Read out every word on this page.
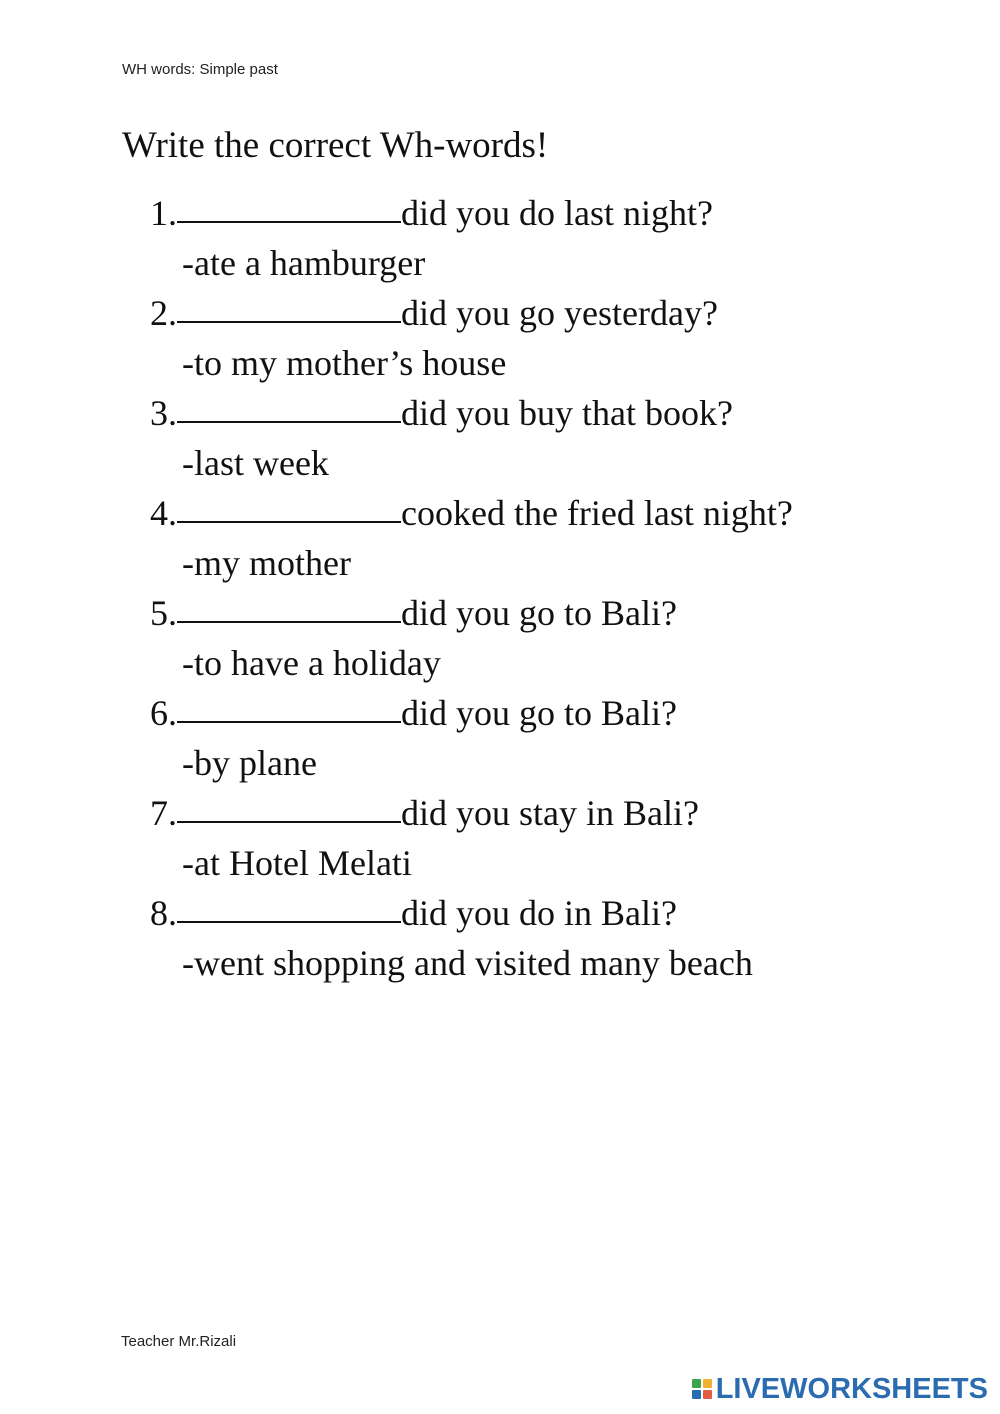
WH words: Simple past
Write the correct Wh-words!
1.	did you do last night?
-ate a hamburger
2.	did you go yesterday?
-to my mother’s house
3.	did you buy that book?
-last week
4.	cooked the fried last night?
-my mother
5.	did you go to Bali?
-to have a holiday
6.	did you go to Bali?
-by plane
7.	did you stay in Bali?
-at Hotel Melati
8.	did you do in Bali?
-went shopping and visited many beach
Teacher Mr.Rizali
LIVEWORKSHEETS
